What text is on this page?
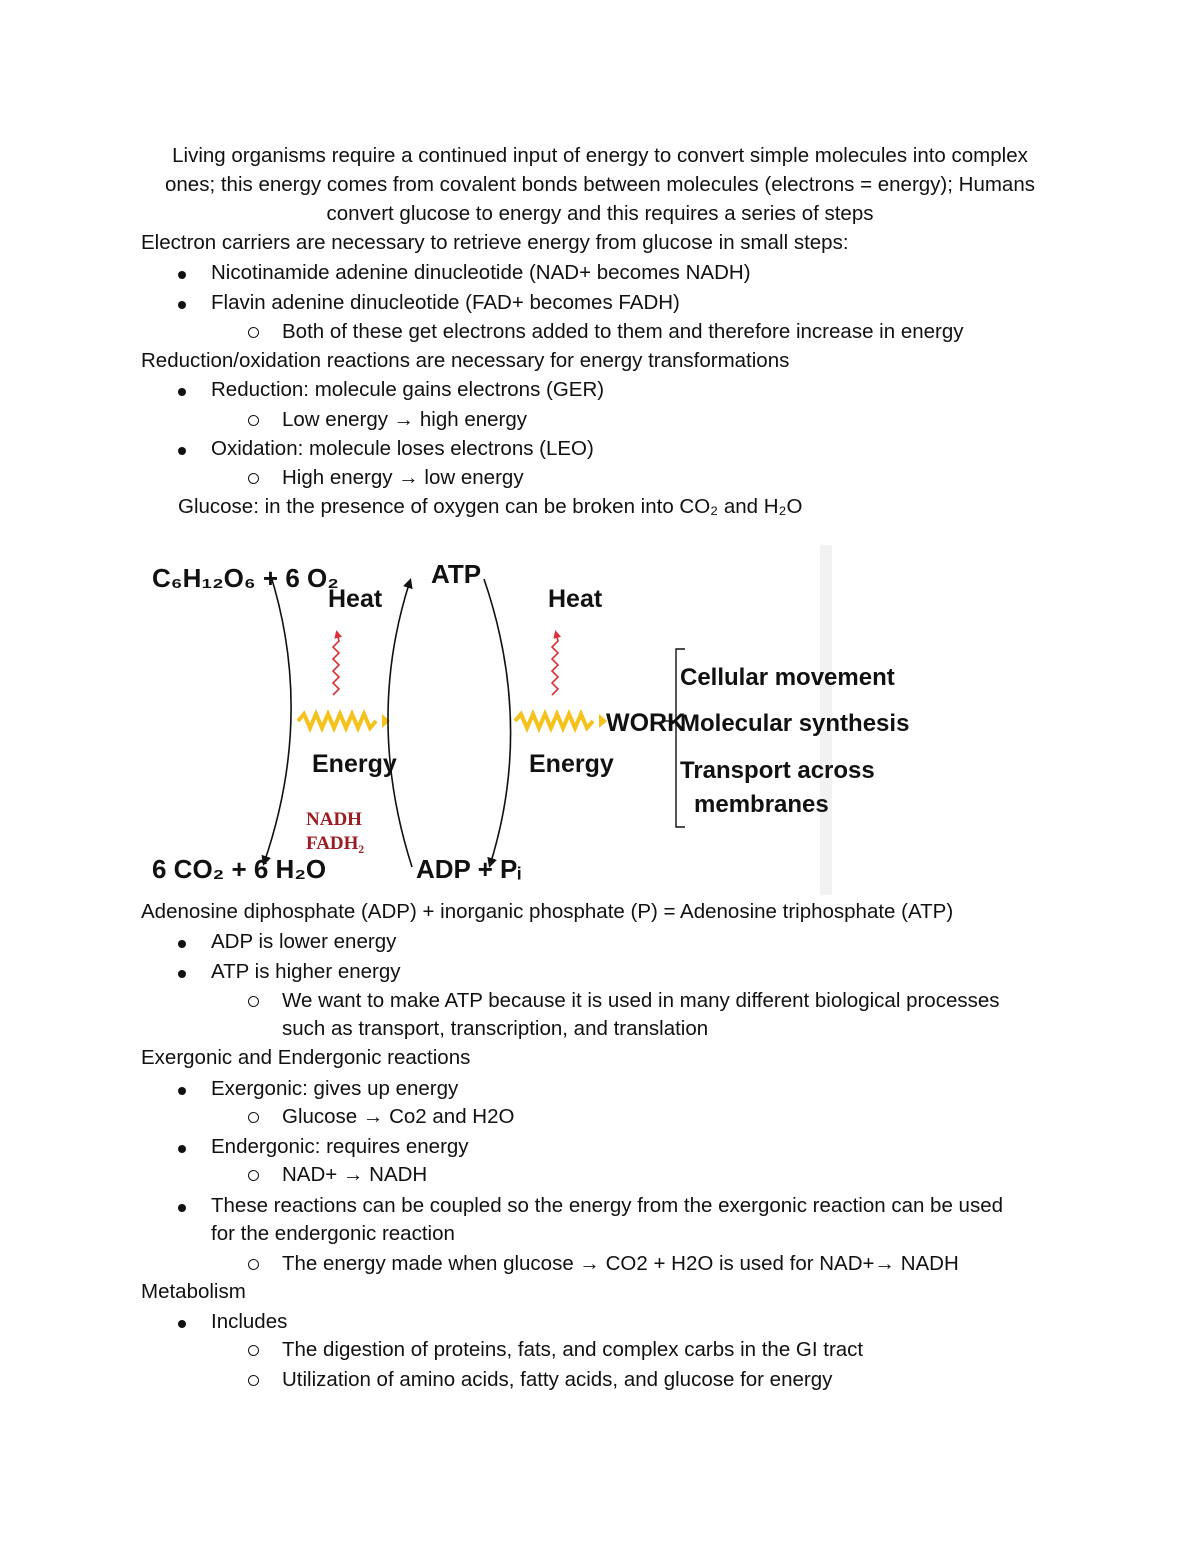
Living organisms require a continued input of energy to convert simple molecules into complex
ones; this energy comes from covalent bonds between molecules (electrons = energy); Humans
convert glucose to energy and this requires a series of steps
Electron carriers are necessary to retrieve energy from glucose in small steps:
Nicotinamide adenine dinucleotide (NAD+ becomes NADH)
Flavin adenine dinucleotide (FAD+ becomes FADH)
Both of these get electrons added to them and therefore increase in energy
Reduction/oxidation reactions are necessary for energy transformations
Reduction: molecule gains electrons (GER)
Low energy → high energy
Oxidation: molecule loses electrons (LEO)
High energy → low energy
Glucose: in the presence of oxygen can be broken into CO₂ and H₂O
C₆H₁₂O₆ + 6 O₂
6 CO₂ + 6 H₂O
Heat
Energy
NADH
FADH₂
ATP
ADP + Pᵢ
Heat
Energy
WORK
Cellular movement
Molecular synthesis
Transport across
membranes
Adenosine diphosphate (ADP) + inorganic phosphate (P) = Adenosine triphosphate (ATP)
ADP is lower energy
ATP is higher energy
We want to make ATP because it is used in many different biological processes
such as transport, transcription, and translation
Exergonic and Endergonic reactions
Exergonic: gives up energy
Glucose → Co2 and H2O
Endergonic: requires energy
NAD+ → NADH
These reactions can be coupled so the energy from the exergonic reaction can be used
for the endergonic reaction
The energy made when glucose → CO2 + H2O is used for NAD+→ NADH
Metabolism
Includes
The digestion of proteins, fats, and complex carbs in the GI tract
Utilization of amino acids, fatty acids, and glucose for energy
